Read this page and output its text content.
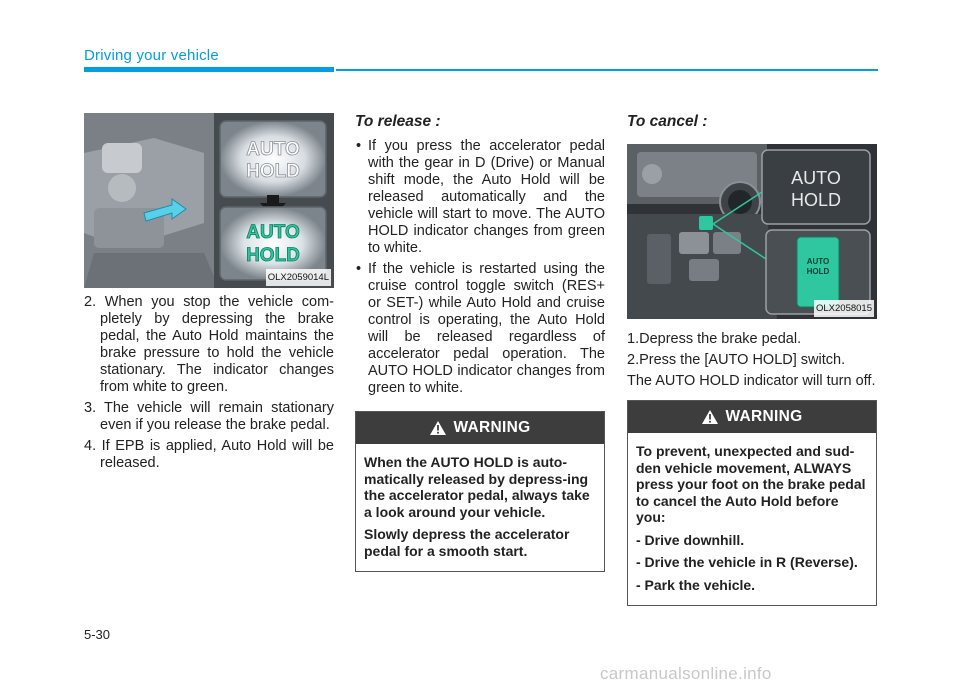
Driving your vehicle
AUTO
HOLD
AUTO
HOLD
OLX2059014L
2. When you stop the vehicle com-pletely by depressing the brake pedal, the Auto Hold maintains the brake pressure to hold the vehicle stationary. The indicator changes from white to green.
3. The vehicle will remain stationary even if you release the brake pedal.
4. If EPB is applied, Auto Hold will be released.
To release :
• If you press the accelerator pedal with the gear in D (Drive) or Manual shift mode, the Auto Hold will be released automatically and the vehicle will start to move. The AUTO HOLD indicator changes from green to white.
• If the vehicle is restarted using the cruise control toggle switch (RES+ or SET-) while Auto Hold and cruise control is operating, the Auto Hold will be released regardless of accelerator pedal operation. The AUTO HOLD indicator changes from green to white.
WARNING

When the AUTO HOLD is auto-matically released by depress-ing the accelerator pedal, always take a look around your vehicle.

Slowly depress the accelerator pedal for a smooth start.

To cancel :
AUTO
HOLD
AUTO
HOLD
OLX2058015

1.Depress the brake pedal.

2.Press the [AUTO HOLD] switch.

The AUTO HOLD indicator will turn off.

WARNING

To prevent, unexpected and sud-den vehicle movement, ALWAYS press your foot on the brake pedal to cancel the Auto Hold before you:

- Drive downhill.

- Drive the vehicle in R (Reverse).

- Park the vehicle.

5-30
carmanualsonline.info
